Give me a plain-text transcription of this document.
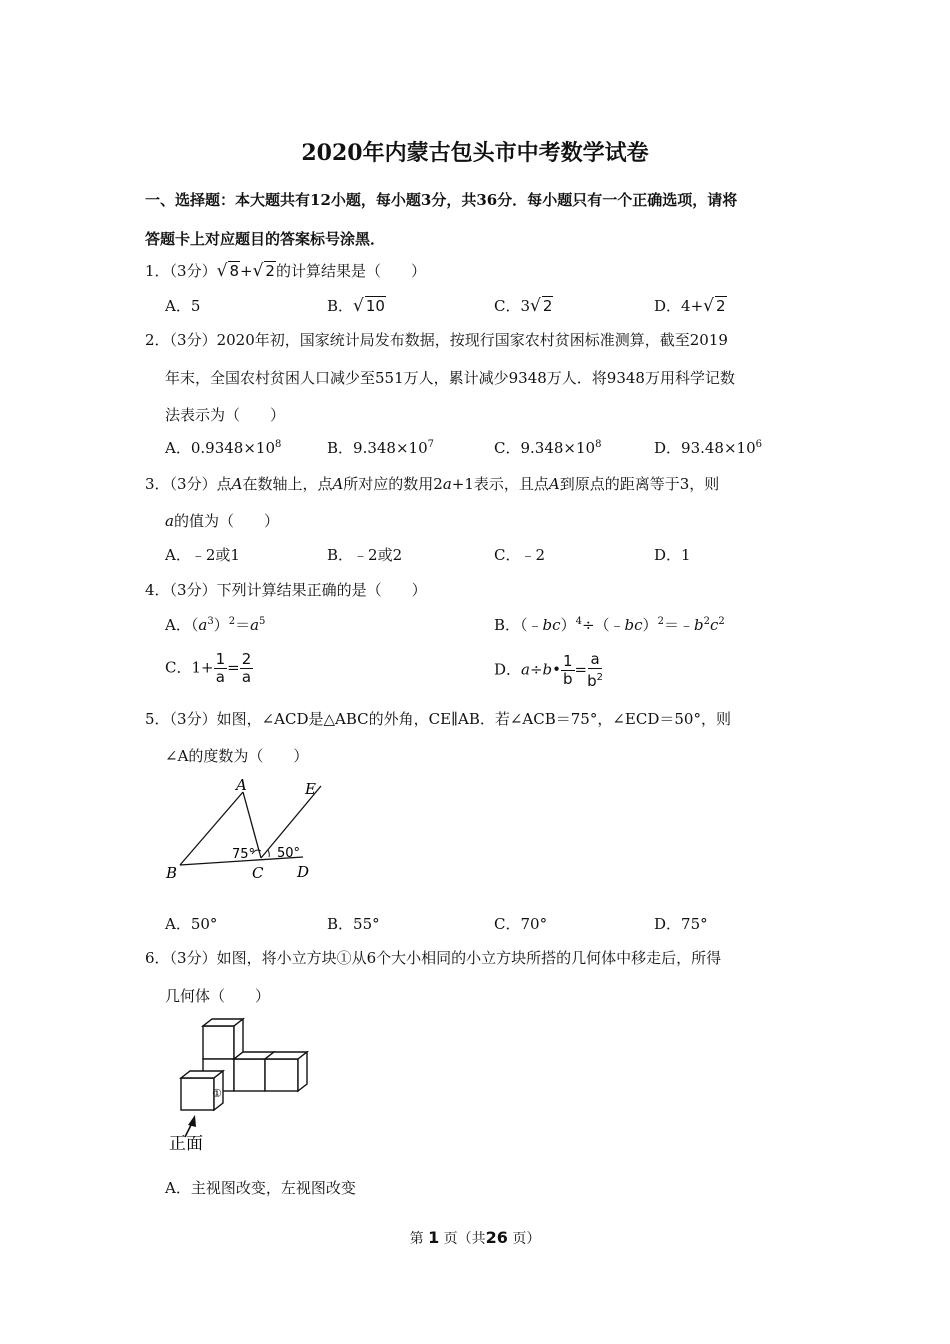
2020年内蒙古包头市中考数学试卷
一、选择题：本大题共有12小题，每小题3分，共36分．每小题只有一个正确选项，请将
答题卡上对应题目的答案标号涂黑．
1．（3分）√ 8+√ 2的计算结果是（　　）
A．5	B．√ 10	C．3√ 2	D．4+√ 2
2．（3分）2020年初，国家统计局发布数据，按现行国家农村贫困标准测算，截至2019
年末，全国农村贫困人口减少至551万人，累计减少9348万人．将9348万用科学记数
法表示为（　　）
A．$0.9348\times 10^8$	B．$9.348\times 10^7$	C．$9.348\times 10^8$	D．$93.48\times 10^6$
3．（3分）点A在数轴上，点A所对应的数用2a+1表示，且点A到原点的距离等于3，则
a的值为（　　）
A．﹣2或1	B．﹣2或2	C．﹣2	D．1
4．（3分）下列计算结果正确的是（　　）
A．$(a^3)^2=a^5$	B．$(﹣bc)^4\div(﹣bc)^2=﹣b^2c^2$
C．$1+ \frac{1}{a} = \frac{2}{a}$	D．a÷b• $\frac{1}{b} = \frac{a}{b^2}$
5．（3分）如图，∠ACD是△ABC的外角，CE∥AB．若∠ACB＝75°，∠ECD＝50°，则
∠A的度数为（　　）
A	E
B	C D
75° 50°
A．50°	B．55°	C．70°	D．75°
6．（3分）如图，将小立方块①从6个大小相同的小立方块所搭的几何体中移走后，所得
几何体（　　）
①
正面
A．主视图改变，左视图改变
第 1 页（共26 页）
